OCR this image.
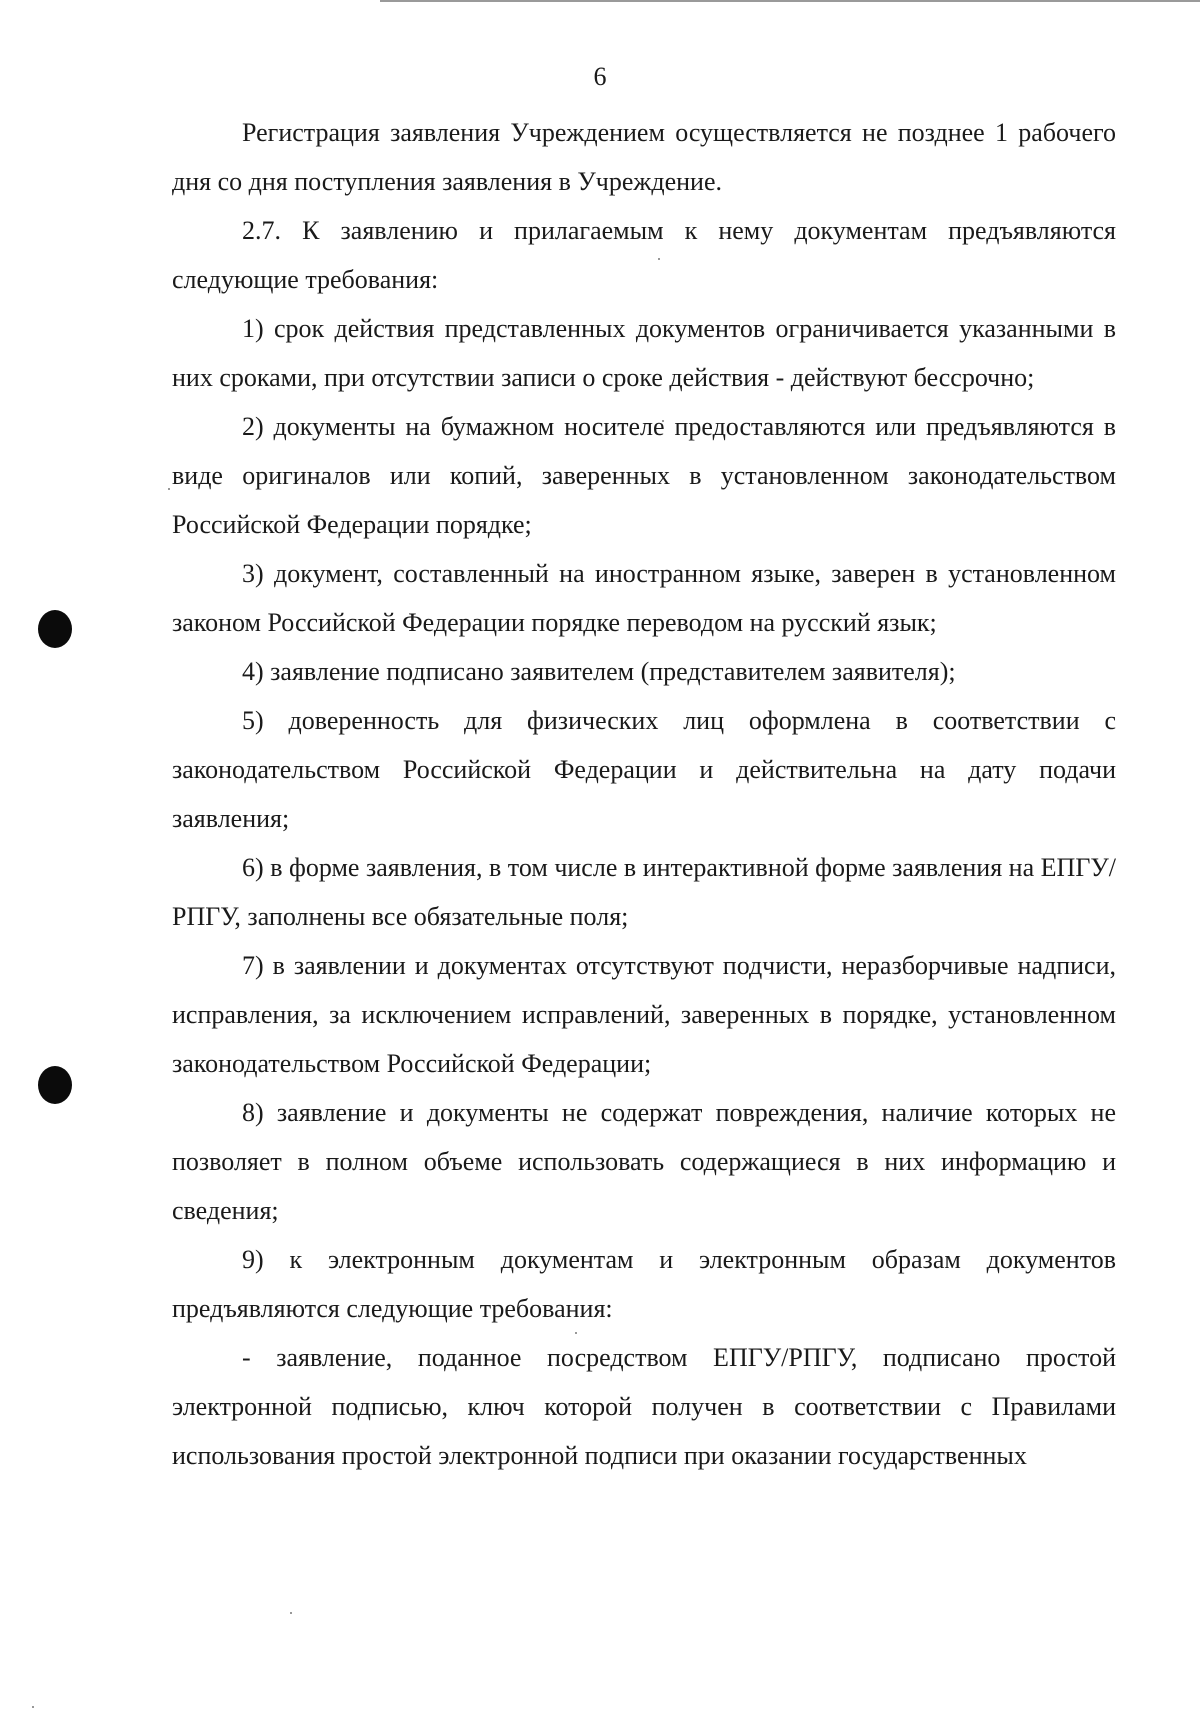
6

Регистрация заявления Учреждением осуществляется не позднее 1 рабочего дня со дня поступления заявления в Учреждение.

2.7. К заявлению и прилагаемым к нему документам предъявляются следующие требования:

1) срок действия представленных документов ограничивается указанными в них сроками, при отсутствии записи о сроке действия - действуют бессрочно;

2) документы на бумажном носителе предоставляются или предъявляются в виде оригиналов или копий, заверенных в установленном законодательством Российской Федерации порядке;

3) документ, составленный на иностранном языке, заверен в установленном законом Российской Федерации порядке переводом на русский язык;

4) заявление подписано заявителем (представителем заявителя);

5) доверенность для физических лиц оформлена в соответствии с законодательством Российской Федерации и действительна на дату подачи заявления;

6) в форме заявления, в том числе в интерактивной форме заявления на ЕПГУ/РПГУ, заполнены все обязательные поля;

7) в заявлении и документах отсутствуют подчисти, неразборчивые надписи, исправления, за исключением исправлений, заверенных в порядке, установленном законодательством Российской Федерации;

8) заявление и документы не содержат повреждения, наличие которых не позволяет в полном объеме использовать содержащиеся в них информацию и сведения;

9) к электронным документам и электронным образам документов предъявляются следующие требования:

- заявление, поданное посредством ЕПГУ/РПГУ, подписано простой электронной подписью, ключ которой получен в соответствии с Правилами использования простой электронной подписи при оказании государственных
